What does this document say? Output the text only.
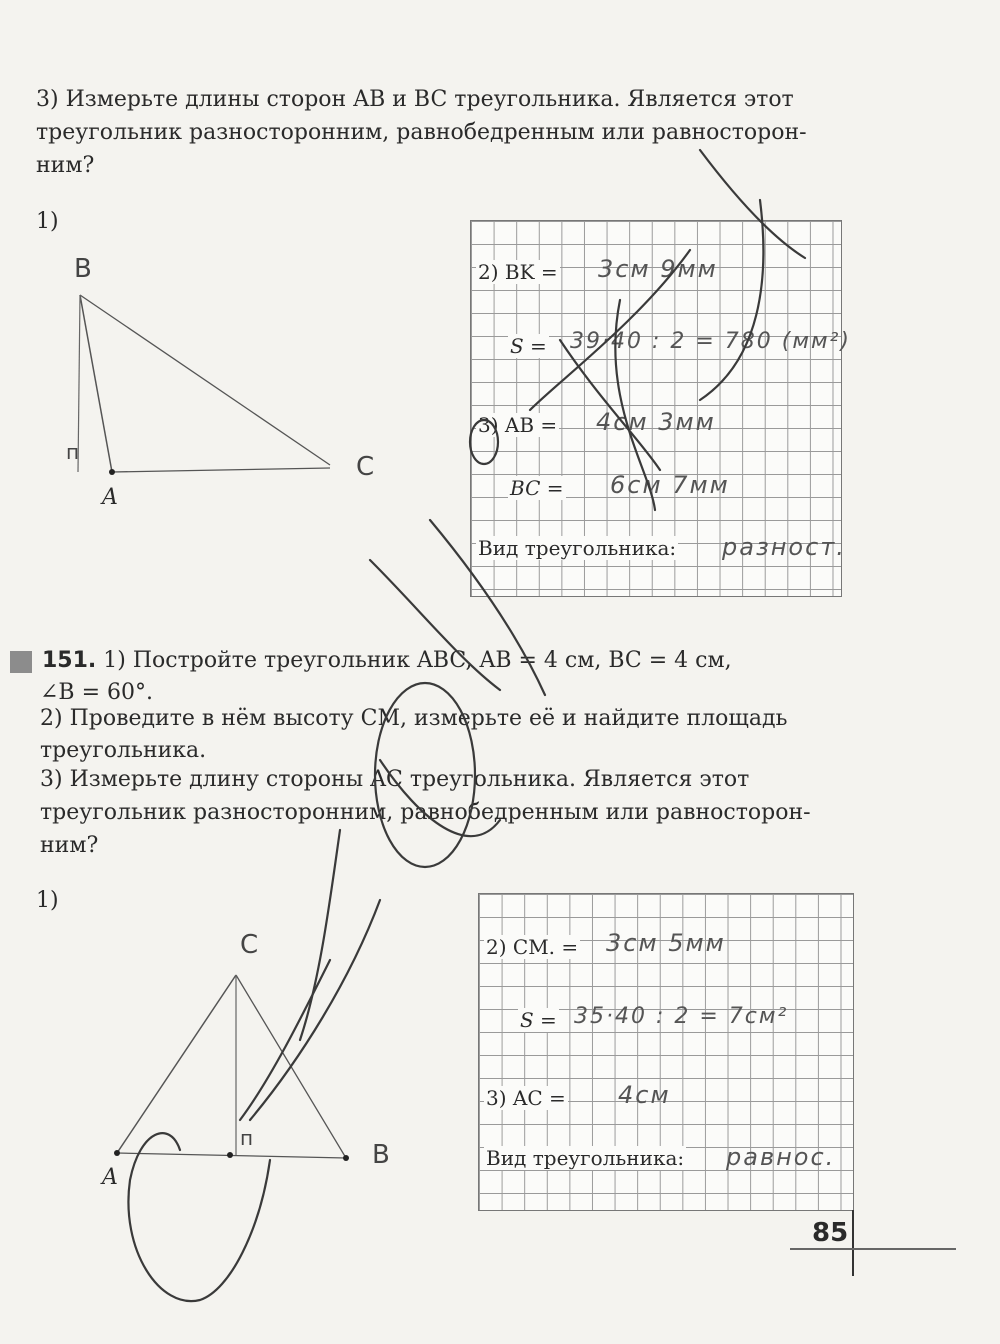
3) Измерьте длины сторон AB и BC треугольника. Является этот
треугольник разносторонним, равнобедренным или равносторон-
ним?
1)
B
A
C
п
2) BK = 3см 9мм
S = 39·40 : 2 = 780 (мм²)
3) AB = 4см 3мм
BC = 6см 7мм
Вид треугольника: разност.
151. 1) Постройте треугольник ABC, AB = 4 см, BC = 4 см,
∠B = 60°.
2) Проведите в нём высоту CM, измерьте её и найдите площадь
треугольника.
3) Измерьте длину стороны AC треугольника. Является этот
треугольник разносторонним, равнобедренным или равносторон-
ним?
1)
C
A
B
п
2) CM. = 3см 5мм
S = 35·40 : 2 = 7см²
3) AC = 4см
Вид треугольника: равнос.
85
